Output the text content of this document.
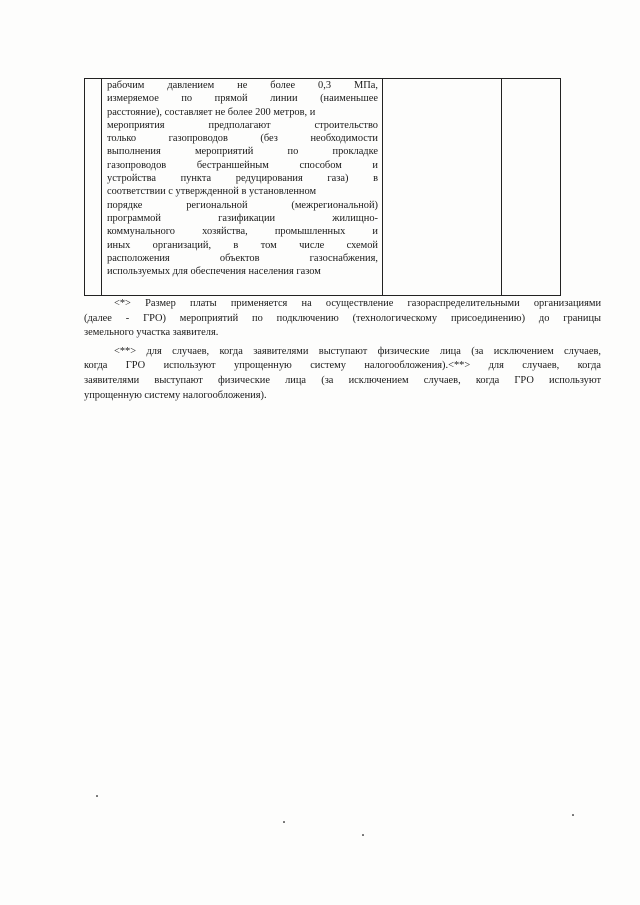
рабочим давлением не более 0,3 МПа,
измеряемое по прямой линии (наименьшее
расстояние), составляет не более 200 метров, и
мероприятия предполагают строительство
только газопроводов (без необходимости
выполнения мероприятий по прокладке
газопроводов бестраншейным способом и
устройства пункта редуцирования газа) в
соответствии с утвержденной в установленном
порядке региональной (межрегиональной)
программой газификации жилищно-
коммунального хозяйства, промышленных и
иных организаций, в том числе схемой
расположения объектов газоснабжения,
используемых для обеспечения населения газом
<*> Размер платы применяется на осуществление газораспределительными организациями
(далее - ГРО) мероприятий по подключению (технологическому присоединению) до границы
земельного участка заявителя.
<**> для случаев, когда заявителями выступают физические лица (за исключением случаев,
когда ГРО используют упрощенную систему налогообложения).<**> для случаев, когда
заявителями выступают физические лица (за исключением случаев, когда ГРО используют
упрощенную систему налогообложения).
